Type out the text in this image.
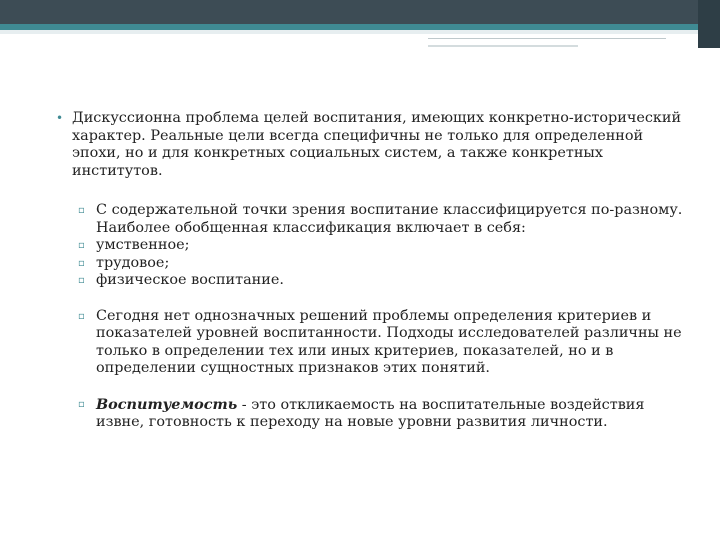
• Дискуссионна проблема целей воспитания, имеющих конкретно-исторический характер. Реальные цели всегда специфичны не только для определенной эпохи, но и для конкретных социальных систем, а также конкретных институтов.
▫ С содержательной точки зрения воспитание классифицируется по-разному. Наиболее обобщенная классификация включает в себя:
▫ умственное;
▫ трудовое;
▫ физическое воспитание.
▫ Сегодня нет однозначных решений проблемы определения критериев и показателей уровней воспитанности. Подходы исследователей различны не только в определении тех или иных критериев, показателей, но и в определении сущностных признаков этих понятий.
▫ Воспитуемость - это откликаемость на воспитательные воздействия извне, готовность к переходу на новые уровни развития личности.
